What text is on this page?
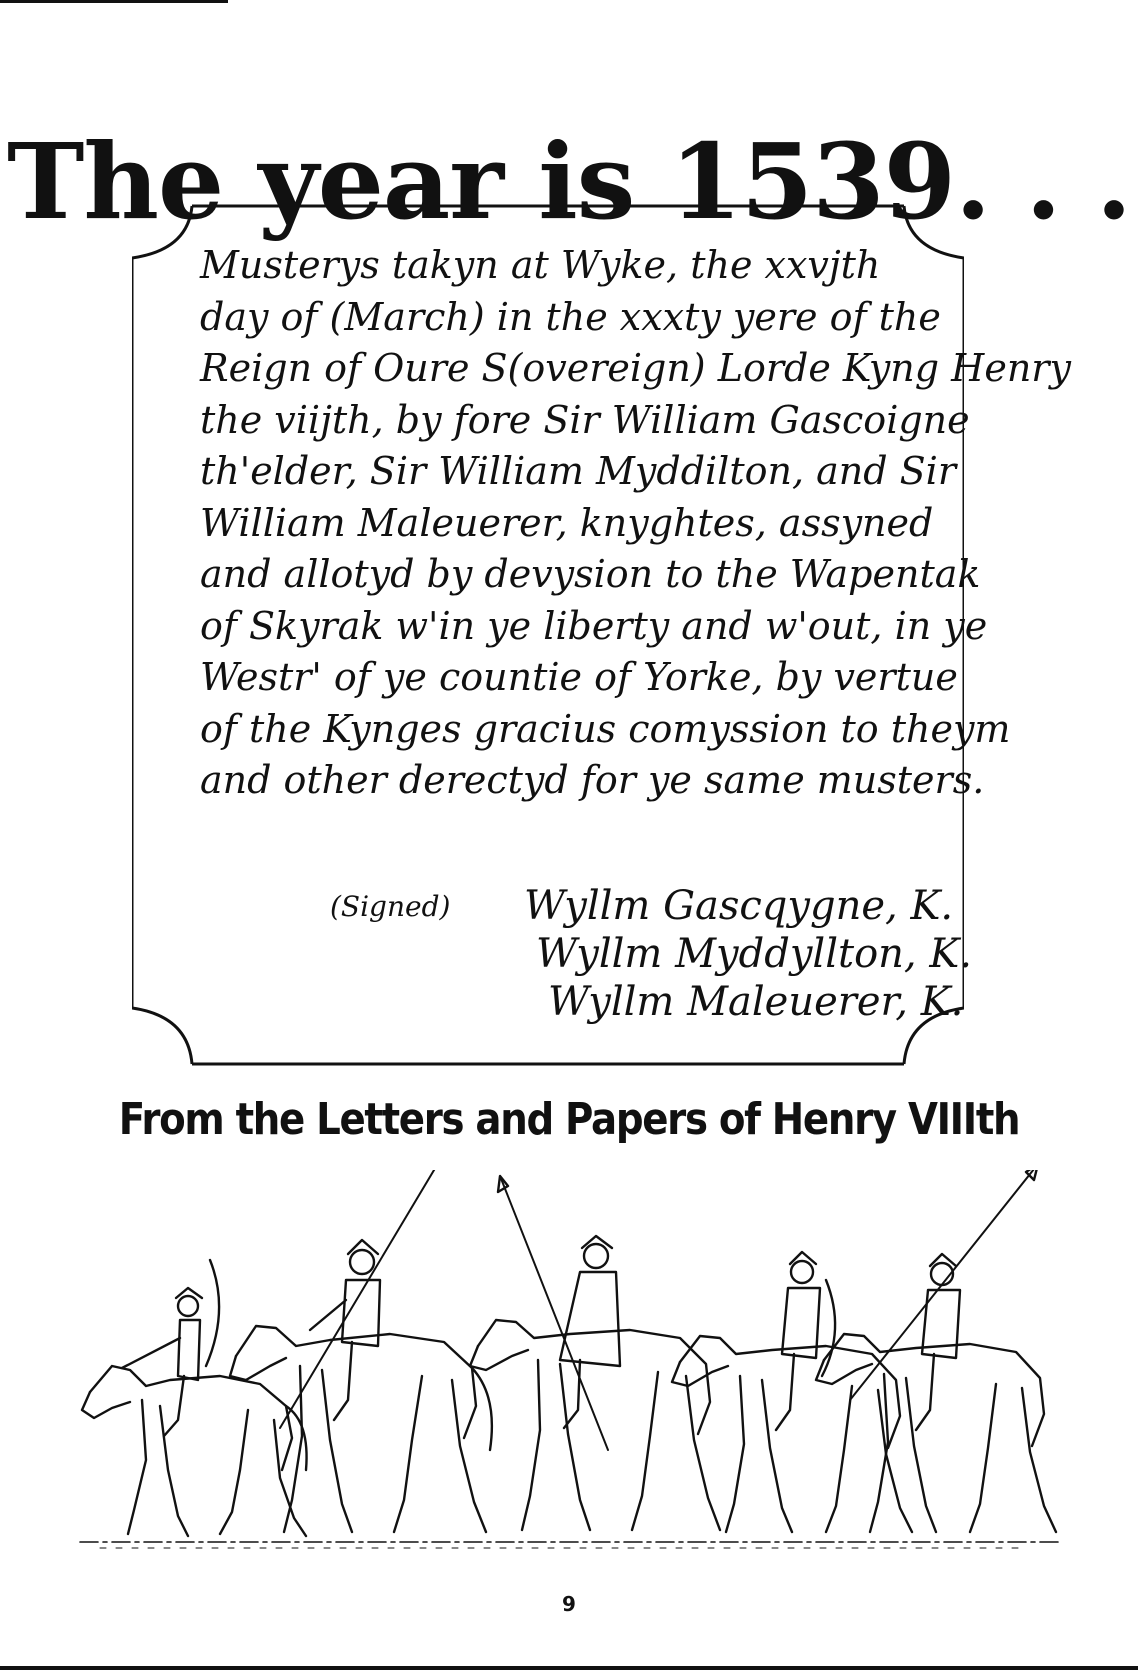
The year is 1539. . .
Musterys takyn at Wyke, the xxvjth
day of (March) in the xxxty yere of the
Reign of Oure S(overeign) Lorde Kyng Henry
the viijth, by fore Sir William Gascoigne
th'elder, Sir William Myddilton, and Sir
William Maleuerer, knyghtes, assyned
and allotyd by devysion to the Wapentak
of Skyrak w'in ye liberty and w'out, in ye
Westr' of ye countie of Yorke, by vertue
of the Kynges gracius comyssion to theym
and other derectyd for ye same musters.
(Signed) Wyllm Gascqygne, K.
Wyllm Myddyllton, K.
Wyllm Maleuerer, K.
From the Letters and Papers of Henry VIIIth
9
